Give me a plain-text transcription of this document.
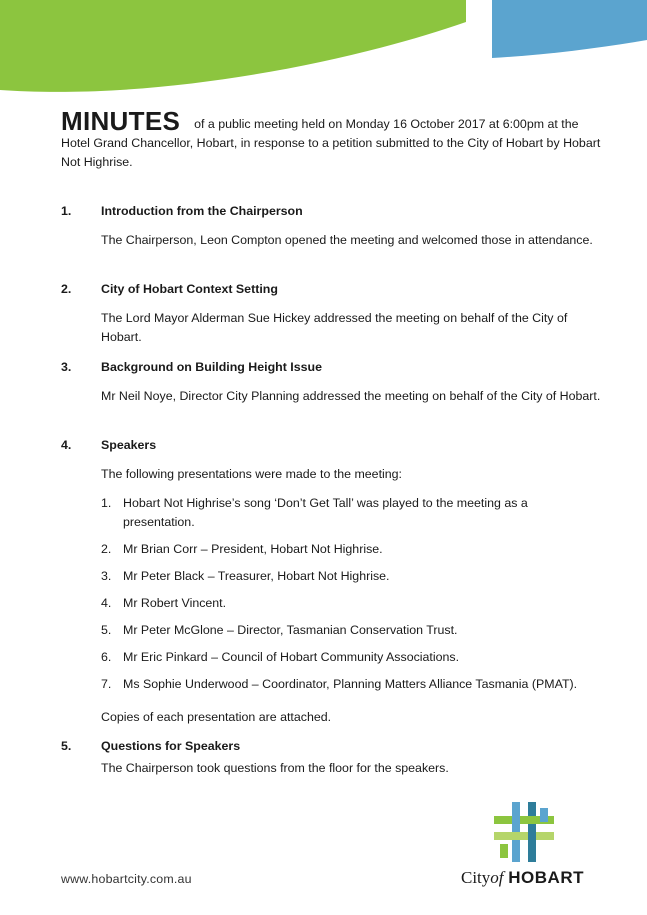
MINUTES of a public meeting held on Monday 16 October 2017 at 6:00pm at the Hotel Grand Chancellor, Hobart, in response to a petition submitted to the City of Hobart by Hobart Not Highrise.
1. Introduction from the Chairperson

The Chairperson, Leon Compton opened the meeting and welcomed those in attendance.

2. City of Hobart Context Setting

The Lord Mayor Alderman Sue Hickey addressed the meeting on behalf of the City of Hobart.

3. Background on Building Height Issue

Mr Neil Noye, Director City Planning addressed the meeting on behalf of the City of Hobart.

4. Speakers

The following presentations were made to the meeting:

1. Hobart Not Highrise’s song ‘Don’t Get Tall’ was played to the meeting as a presentation.
2. Mr Brian Corr – President, Hobart Not Highrise.
3. Mr Peter Black – Treasurer, Hobart Not Highrise.
4. Mr Robert Vincent.
5. Mr Peter McGlone – Director, Tasmanian Conservation Trust.
6. Mr Eric Pinkard – Council of Hobart Community Associations.
7. Ms Sophie Underwood – Coordinator, Planning Matters Alliance Tasmania (PMAT).

Copies of each presentation are attached.

5. Questions for Speakers

The Chairperson took questions from the floor for the speakers.

www.hobartcity.com.au	Cityof HOBART
